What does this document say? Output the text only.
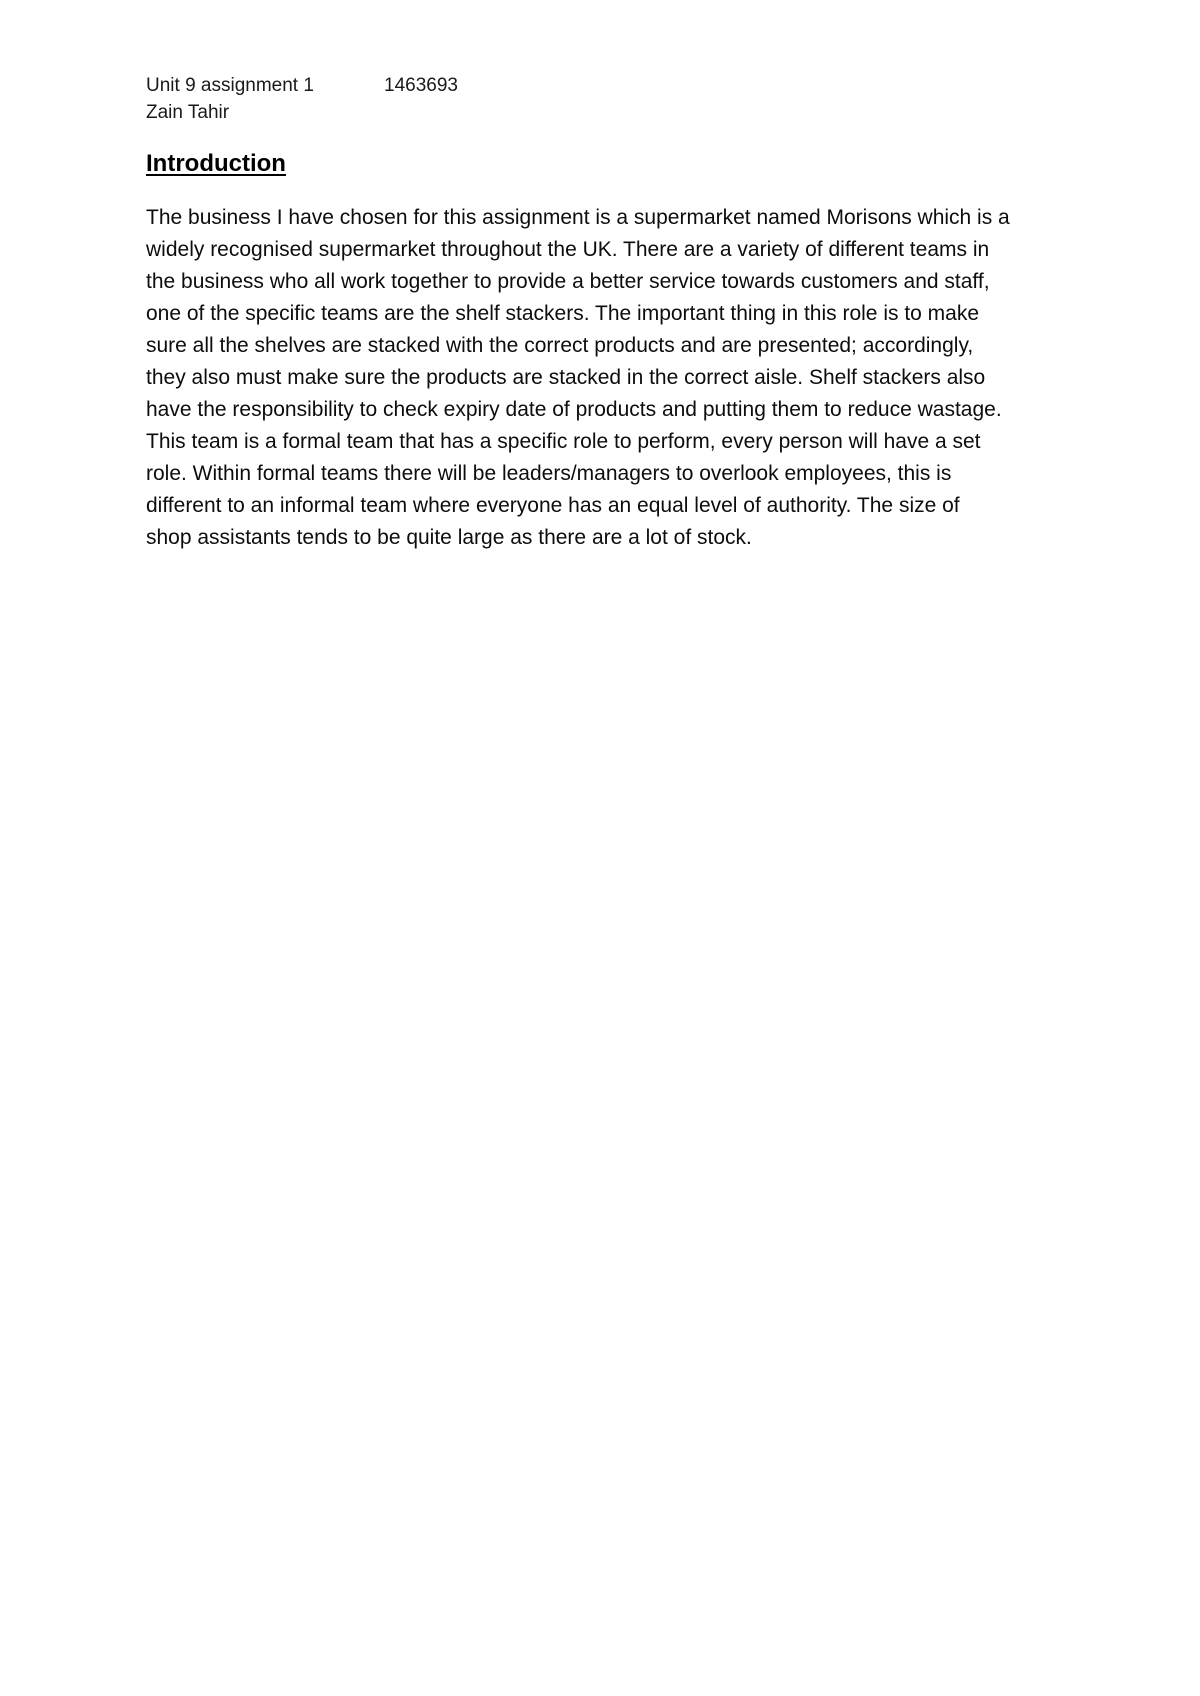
Unit 9 assignment 1	1463693
Zain Tahir
Introduction

The business I have chosen for this assignment is a supermarket named Morisons which is a
widely recognised supermarket throughout the UK. There are a variety of different teams in
the business who all work together to provide a better service towards customers and staff,
one of the specific teams are the shelf stackers. The important thing in this role is to make
sure all the shelves are stacked with the correct products and are presented; accordingly,
they also must make sure the products are stacked in the correct aisle. Shelf stackers also
have the responsibility to check expiry date of products and putting them to reduce wastage.
This team is a formal team that has a specific role to perform, every person will have a set
role. Within formal teams there will be leaders/managers to overlook employees, this is
different to an informal team where everyone has an equal level of authority. The size of
shop assistants tends to be quite large as there are a lot of stock.
